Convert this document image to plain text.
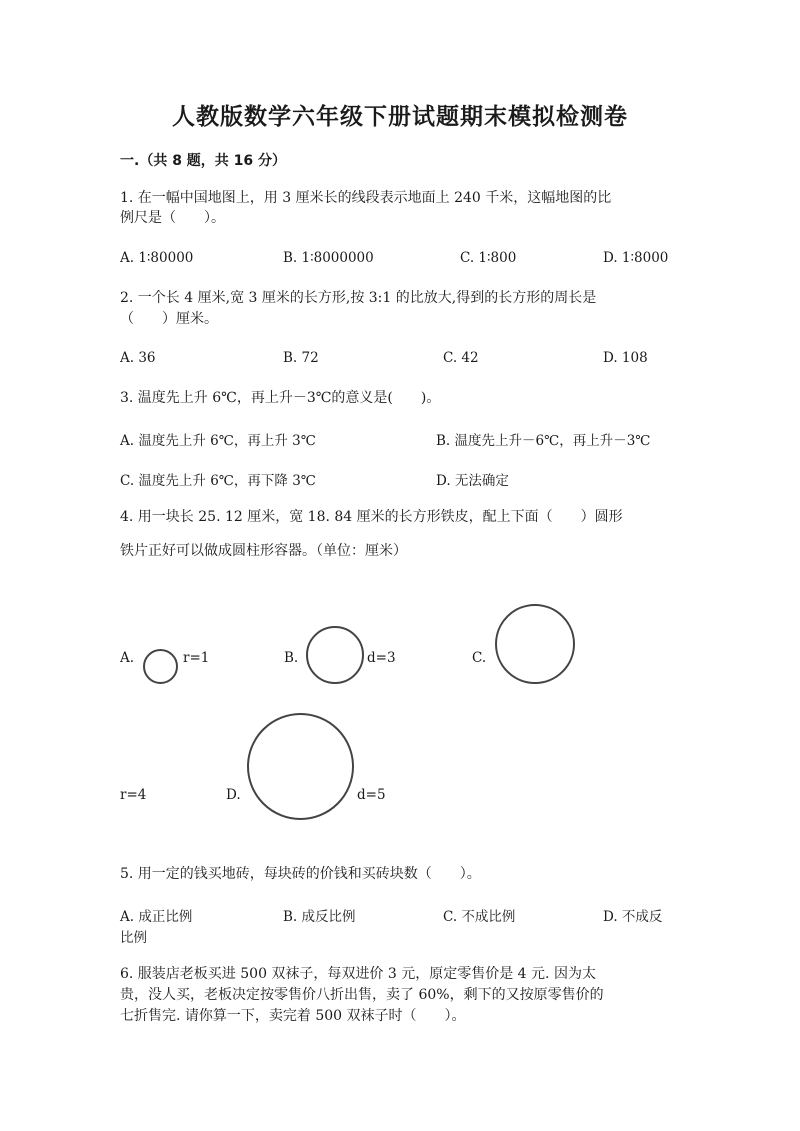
人教版数学六年级下册试题期末模拟检测卷
一.（共 8 题，共 16 分）
1. 在一幅中国地图上，用 3 厘米长的线段表示地面上 240 千米，这幅地图的比
例尺是（　　）。
A. 1∶80000	B. 1∶8000000	C. 1∶800	D. 1∶8000
2. 一个长 4 厘米,宽 3 厘米的长方形,按 3:1 的比放大,得到的长方形的周长是
（　　）厘米。
A. 36	B. 72	C. 42	D. 108
3. 温度先上升 6℃，再上升－3℃的意义是(　　)。
A. 温度先上升 6℃，再上升 3℃	B. 温度先上升－6℃，再上升－3℃
C. 温度先上升 6℃，再下降 3℃	D. 无法确定
4. 用一块长 25. 12 厘米，宽 18. 84 厘米的长方形铁皮，配上下面（　　）圆形
铁片正好可以做成圆柱形容器。（单位：厘米）
A.	r=1	B.	d=3	C.
r=4	D.	d=5
5. 用一定的钱买地砖，每块砖的价钱和买砖块数（　　）。
A. 成正比例	B. 成反比例	C. 不成比例	D. 不成反
比例
6. 服装店老板买进 500 双袜子，每双进价 3 元，原定零售价是 4 元. 因为太
贵，没人买，老板决定按零售价八折出售，卖了 60%，剩下的又按原零售价的
七折售完. 请你算一下，卖完着 500 双袜子时（　　）。
